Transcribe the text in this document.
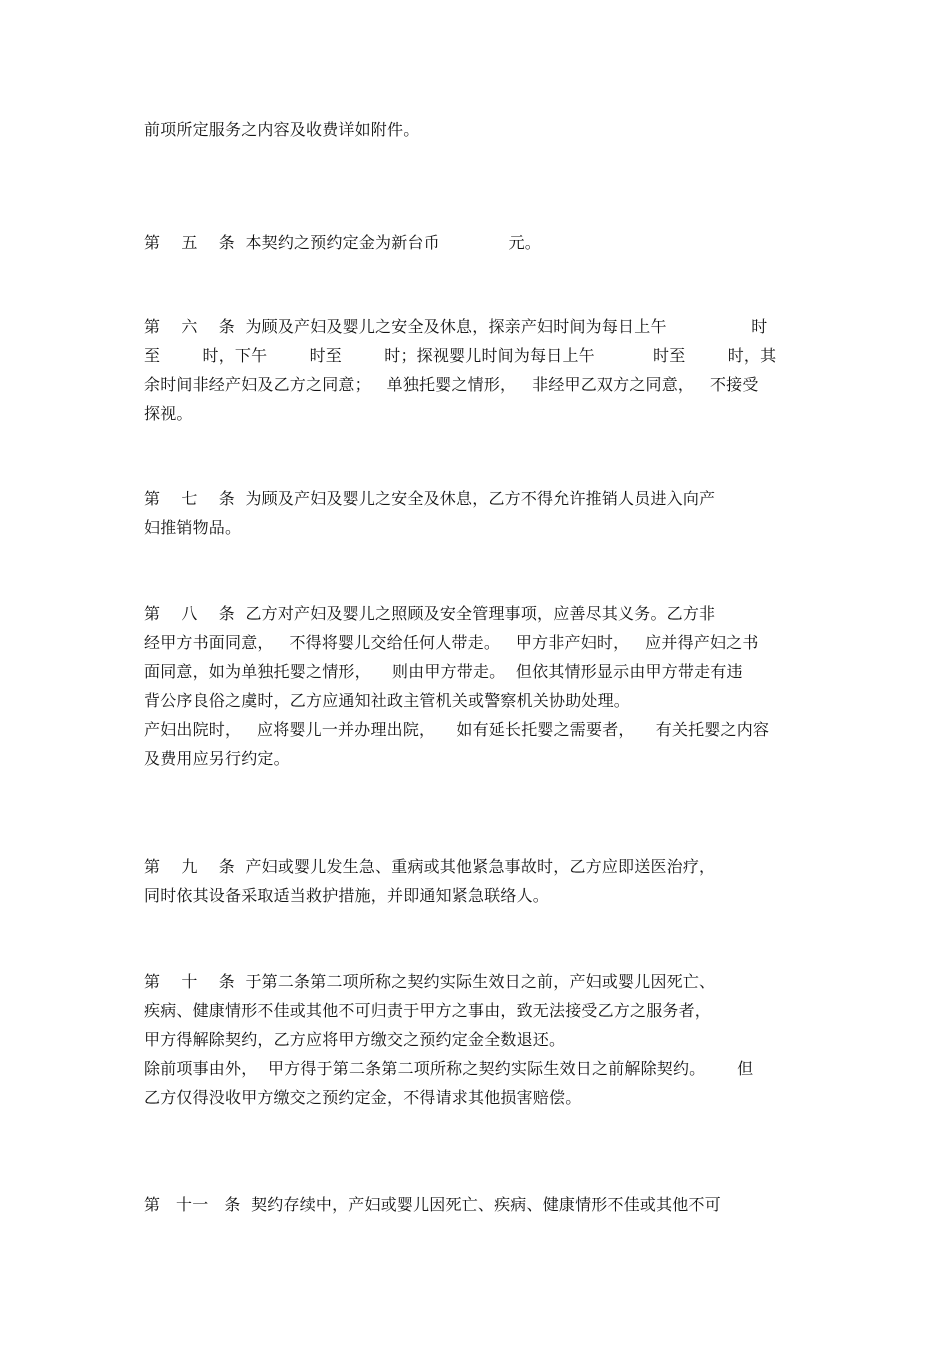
前项所定服务之内容及收费详如附件。
第    五    条  本契约之预约定金为新台币             元。
第    六    条  为顾及产妇及婴儿之安全及休息，探亲产妇时间为每日上午                时
至        时，下午        时至        时；探视婴儿时间为每日上午           时至        时，其
余时间非经产妇及乙方之同意；   单独托婴之情形，   非经甲乙双方之同意，   不接受
探视。
第    七    条  为顾及产妇及婴儿之安全及休息，乙方不得允许推销人员进入向产
妇推销物品。
第    八    条  乙方对产妇及婴儿之照顾及安全管理事项，应善尽其义务。乙方非
经甲方书面同意，   不得将婴儿交给任何人带走。   甲方非产妇时，   应并得产妇之书
面同意，如为单独托婴之情形，    则由甲方带走。  但依其情形显示由甲方带走有违
背公序良俗之虞时，乙方应通知社政主管机关或警察机关协助处理。
产妇出院时，   应将婴儿一并办理出院，    如有延长托婴之需要者，    有关托婴之内容
及费用应另行约定。
第    九    条  产妇或婴儿发生急、重病或其他紧急事故时，乙方应即送医治疗，
同时依其设备采取适当救护措施，并即通知紧急联络人。
第    十    条  于第二条第二项所称之契约实际生效日之前，产妇或婴儿因死亡、
疾病、健康情形不佳或其他不可归责于甲方之事由，致无法接受乙方之服务者，
甲方得解除契约，乙方应将甲方缴交之预约定金全数退还。
除前项事由外，  甲方得于第二条第二项所称之契约实际生效日之前解除契约。      但
乙方仅得没收甲方缴交之预约定金，不得请求其他损害赔偿。
第   十一   条  契约存续中，产妇或婴儿因死亡、疾病、健康情形不佳或其他不可
